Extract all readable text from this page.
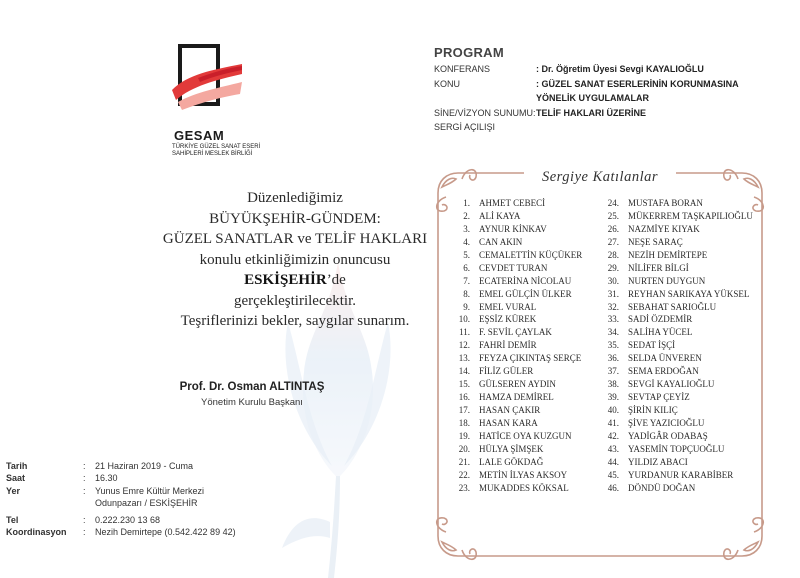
GESAM
TÜRKİYE GÜZEL SANAT ESERİ SAHİPLERİ MESLEK BİRLİĞİ
Düzenlediğimiz
BÜYÜKŞEHİR-GÜNDEM:
GÜZEL SANATLAR ve TELİF HAKLARI
konulu etkinliğimizin onuncusu ESKİŞEHİR’de
gerçekleştirilecektir.
Teşriflerinizi bekler, saygılar sunarım.
Prof. Dr. Osman ALTINTAŞ
Yönetim Kurulu Başkanı
Tarih	: 21 Haziran 2019 - Cuma
Saat	: 16.30
Yer	: Yunus Emre Kültür Merkezi
Odunpazarı / ESKİŞEHİR
Tel	: 0.222.230 13 68
Koordinasyon : Nezih Demirtepe (0.542.422 89 42)
PROGRAM
KONFERANS	: Dr. Öğretim Üyesi Sevgi KAYALIOĞLU
KONU	: GÜZEL SANAT ESERLERİNİN KORUNMASINA
YÖNELİK UYGULAMALAR
SİNE/VİZYON SUNUMU: TELİF HAKLARI ÜZERİNE
SERGİ AÇILIŞI
Sergiye Katılanlar
1. AHMET CEBECİ
2. ALİ KAYA
3. AYNUR KİNKAV
4. CAN AKIN
5. CEMALETTİN KÜÇÜKER
6. CEVDET TURAN
7. ECATERİNA NİCOLAU
8. EMEL GÜLÇİN ÜLKER
9. EMEL VURAL
10. EŞSİZ KÜREK
11. F. SEVİL ÇAYLAK
12. FAHRİ DEMİR
13. FEYZA ÇIKINTAŞ SERÇE
14. FİLİZ GÜLER
15. GÜLSEREN AYDIN
16. HAMZA DEMİREL
17. HASAN ÇAKIR
18. HASAN KARA
19. HATİCE OYA KUZGUN
20. HÜLYA ŞİMŞEK
21. LALE GÖKDAĞ
22. METİN İLYAS AKSOY
23. MUKADDES KÖKSAL
24. MUSTAFA BORAN
25. MÜKERREM TAŞKAPILIOĞLU
26. NAZMİYE KIYAK
27. NEŞE SARAÇ
28. NEZİH DEMİRTEPE
29. NİLİFER BİLGİ
30. NURTEN DUYGUN
31. REYHAN SARIKAYA YÜKSEL
32. SEBAHAT SARIOĞLU
33. SADİ ÖZDEMİR
34. SALİHA YÜCEL
35. SEDAT İŞÇİ
36. SELDA ÜNVEREN
37. SEMA ERDOĞAN
38. SEVGİ KAYALIOĞLU
39. SEVTAP ÇEYİZ
40. ŞİRİN KILIÇ
41. ŞİVE YAZICIOĞLU
42. YADİGÂR ODABAŞ
43. YASEMİN TOPÇUOĞLU
44. YILDIZ ABACI
45. YURDANUR KARABİBER
46. DÖNDÜ DOĞAN
